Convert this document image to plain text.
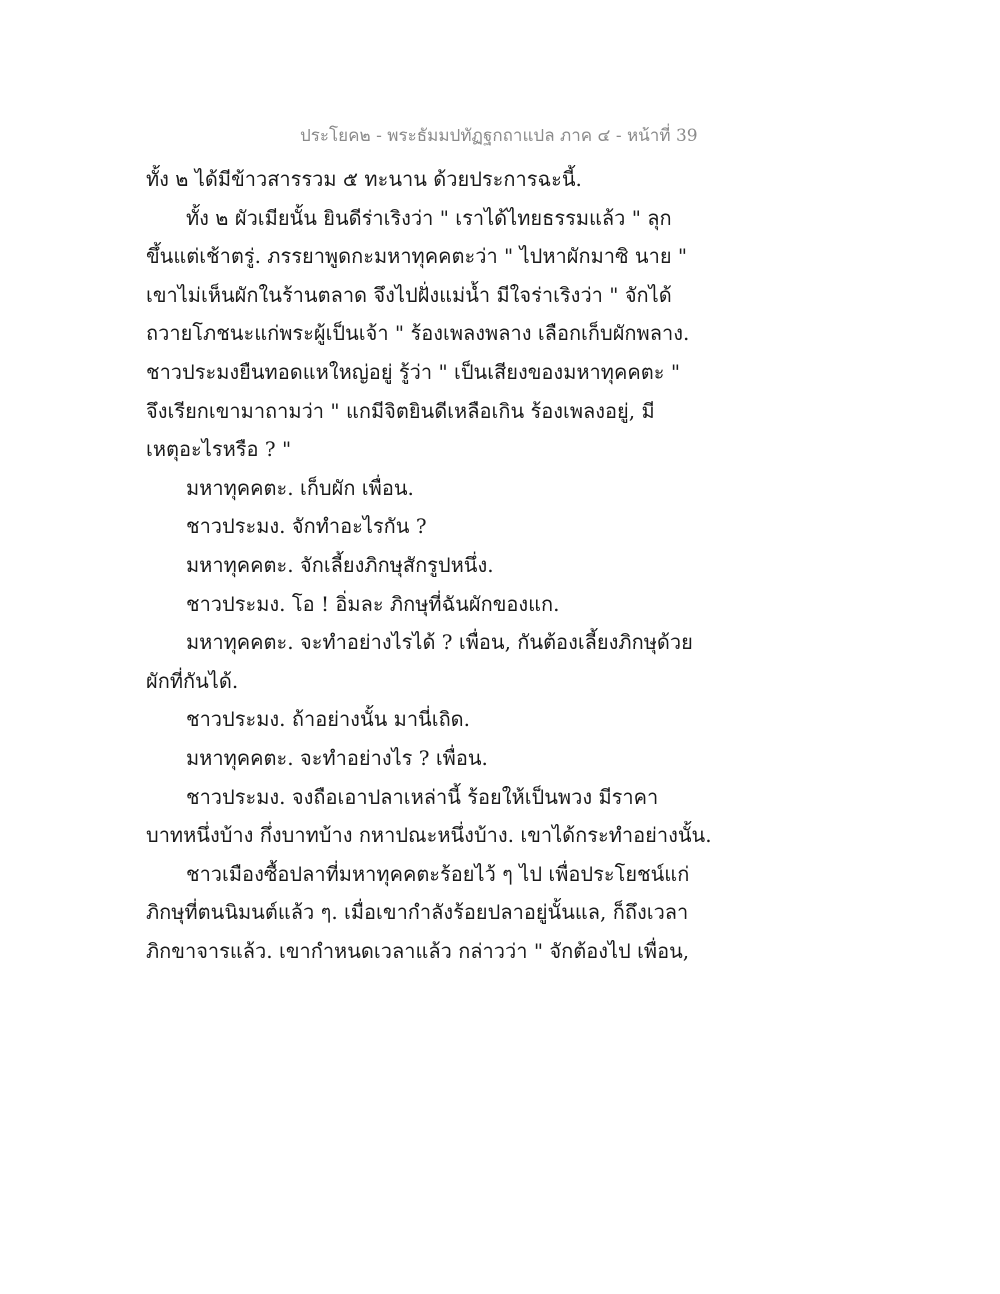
ประโยค๒ - พระธัมมปทัฏฐกถาแปล ภาค ๔ - หน้าที่ 39
ทั้ง ๒ ได้มีข้าวสารรวม ๕ ทะนาน ด้วยประการฉะนี้.
ทั้ง ๒ ผัวเมียนั้น ยินดีร่าเริงว่า " เราได้ไทยธรรมแล้ว " ลุก
ขึ้นแต่เช้าตรู่. ภรรยาพูดกะมหาทุคคตะว่า " ไปหาผักมาซิ นาย "
เขาไม่เห็นผักในร้านตลาด จึงไปฝั่งแม่น้ำ มีใจร่าเริงว่า " จักได้
ถวายโภชนะแก่พระผู้เป็นเจ้า " ร้องเพลงพลาง เลือกเก็บผักพลาง.
ชาวประมงยืนทอดแหใหญ่อยู่ รู้ว่า " เป็นเสียงของมหาทุคคตะ "
จึงเรียกเขามาถามว่า " แกมีจิตยินดีเหลือเกิน ร้องเพลงอยู่, มี
เหตุอะไรหรือ ? "
มหาทุคคตะ. เก็บผัก เพื่อน.
ชาวประมง. จักทำอะไรกัน ?
มหาทุคคตะ. จักเลี้ยงภิกษุสักรูปหนึ่ง.
ชาวประมง. โอ ! อิ่มละ ภิกษุที่ฉันผักของแก.
มหาทุคคตะ. จะทำอย่างไรได้ ? เพื่อน, กันต้องเลี้ยงภิกษุด้วย
ผักที่กันได้.
ชาวประมง. ถ้าอย่างนั้น มานี่เถิด.
มหาทุคคตะ. จะทำอย่างไร ? เพื่อน.
ชาวประมง. จงถือเอาปลาเหล่านี้ ร้อยให้เป็นพวง มีราคา
บาทหนึ่งบ้าง กึ่งบาทบ้าง กหาปณะหนึ่งบ้าง. เขาได้กระทำอย่างนั้น.
ชาวเมืองซื้อปลาที่มหาทุคคตะร้อยไว้ ๆ ไป เพื่อประโยชน์แก่
ภิกษุที่ตนนิมนต์แล้ว ๆ. เมื่อเขากำลังร้อยปลาอยู่นั้นแล, ก็ถึงเวลา
ภิกขาจารแล้ว. เขากำหนดเวลาแล้ว กล่าวว่า " จักต้องไป เพื่อน,
